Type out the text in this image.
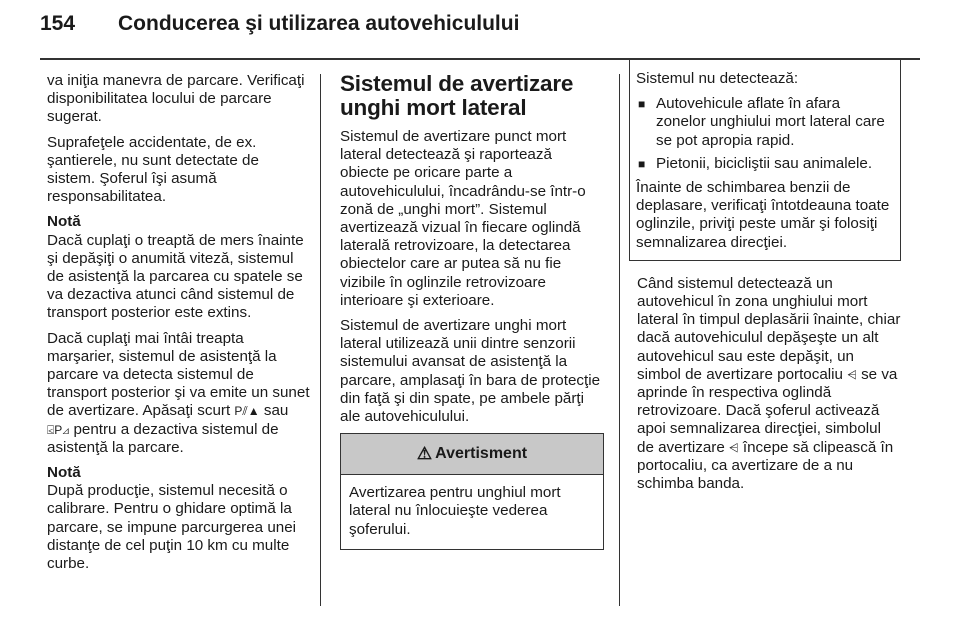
154 Conducerea şi utilizarea autovehiculului

va iniţia manevra de parcare. Verificaţi disponibilitatea locului de parcare sugerat.

Suprafeţele accidentate, de ex. şantierele, nu sunt detectate de sistem. Şoferul îşi asumă responsabilitatea.

Notă
Dacă cuplaţi o treaptă de mers înainte şi depăşiţi o anumită viteză, sistemul de asistenţă la parcarea cu spatele se va dezactiva atunci când sistemul de transport posterior este extins.

Dacă cuplaţi mai întâi treapta marşarier, sistemul de asistenţă la parcare va detecta sistemul de transport posterior şi va emite un sunet de avertizare. Apăsaţi scurt P⫽▲ sau ⍃P⊿ pentru a dezactiva sistemul de asistenţă la parcare.

Notă
După producţie, sistemul necesită o calibrare. Pentru o ghidare optimă la parcare, se impune parcurgerea unei distanţe de cel puţin 10 km cu multe curbe.

Sistemul de avertizare unghi mort lateral

Sistemul de avertizare punct mort lateral detectează şi raportează obiecte pe oricare parte a autovehiculului, încadrându-se într-o zonă de „unghi mort”. Sistemul avertizează vizual în fiecare oglindă laterală retrovizoare, la detectarea obiectelor care ar putea să nu fie vizibile în oglinzile retrovizoare interioare şi exterioare.

Sistemul de avertizare unghi mort lateral utilizează unii dintre senzorii sistemului avansat de asistenţă la parcare, amplasaţi în bara de protecţie din faţă şi din spate, pe ambele părţi ale autovehiculului.

⚠ Avertisment
Avertizarea pentru unghiul mort lateral nu înlocuieşte vederea şoferului.

Sistemul nu detectează:

■ Autovehicule aflate în afara zonelor unghiului mort lateral care se pot apropia rapid.
■ Pietonii, bicicliştii sau animalele.

Înainte de schimbarea benzii de deplasare, verificaţi întotdeauna toate oglinzile, priviţi peste umăr şi folosiţi semnalizarea direcţiei.

Când sistemul detectează un autovehicul în zona unghiului mort lateral în timpul deplasării înainte, chiar dacă autovehiculul depăşeşte un alt autovehicul sau este depăşit, un simbol de avertizare portocaliu ⩤ se va aprinde în respectiva oglindă retrovizoare. Dacă şoferul activează apoi semnalizarea direcţiei, simbolul de avertizare ⩤ începe să clipească în portocaliu, ca avertizare de a nu schimba banda.
